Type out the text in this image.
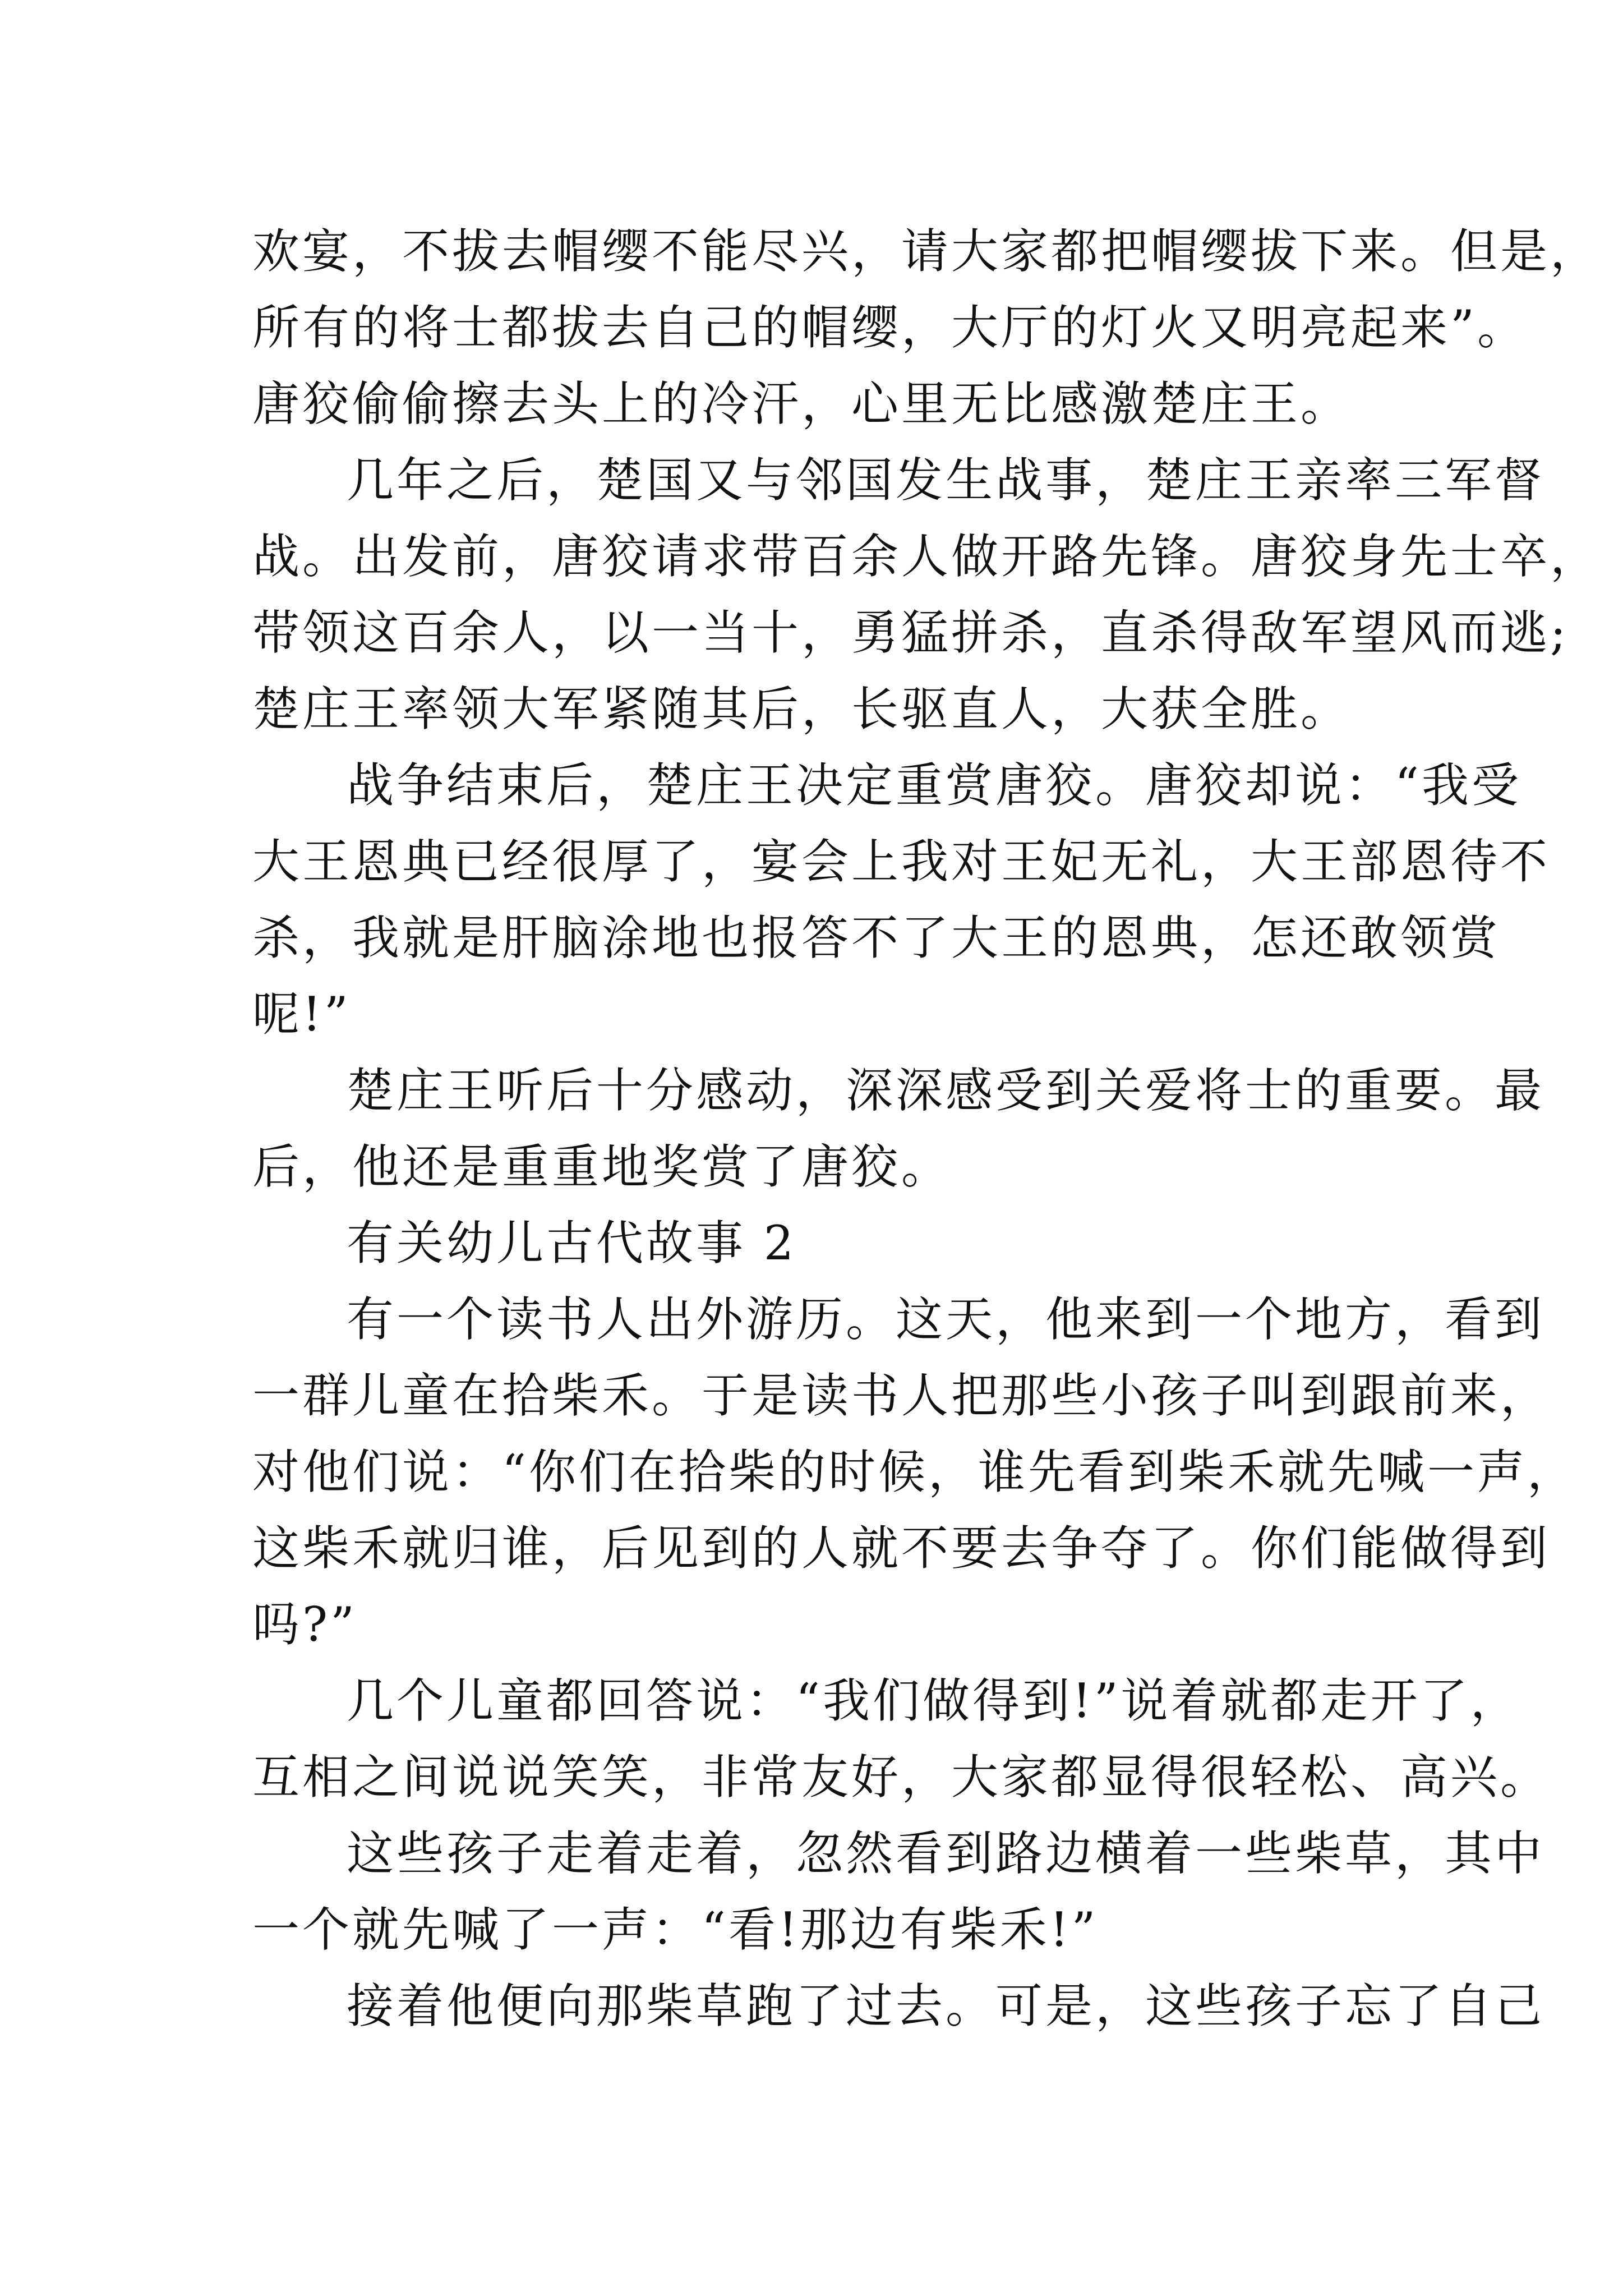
欢宴，不拔去帽缨不能尽兴，请大家都把帽缨拔下来。但是，
所有的将士都拔去自己的帽缨，大厅的灯火又明亮起来”。
唐狡偷偷擦去头上的冷汗，心里无比感激楚庄王。
几年之后，楚国又与邻国发生战事，楚庄王亲率三军督
战。出发前，唐狡请求带百余人做开路先锋。唐狡身先士卒，
带领这百余人，以一当十，勇猛拼杀，直杀得敌军望风而逃;
楚庄王率领大军紧随其后，长驱直人，大获全胜。
战争结束后，楚庄王决定重赏唐狡。唐狡却说：“我受
大王恩典已经很厚了，宴会上我对王妃无礼，大王部恩待不
杀，我就是肝脑涂地也报答不了大王的恩典，怎还敢领赏
呢!”
楚庄王听后十分感动，深深感受到关爱将士的重要。最
后，他还是重重地奖赏了唐狡。
有关幼儿古代故事 2
有一个读书人出外游历。这天，他来到一个地方，看到
一群儿童在拾柴禾。于是读书人把那些小孩子叫到跟前来，
对他们说：“你们在拾柴的时候，谁先看到柴禾就先喊一声，
这柴禾就归谁，后见到的人就不要去争夺了。你们能做得到
吗?”
几个儿童都回答说：“我们做得到!”说着就都走开了，
互相之间说说笑笑，非常友好，大家都显得很轻松、高兴。
这些孩子走着走着，忽然看到路边横着一些柴草，其中
一个就先喊了一声：“看!那边有柴禾!”
接着他便向那柴草跑了过去。可是，这些孩子忘了自己
